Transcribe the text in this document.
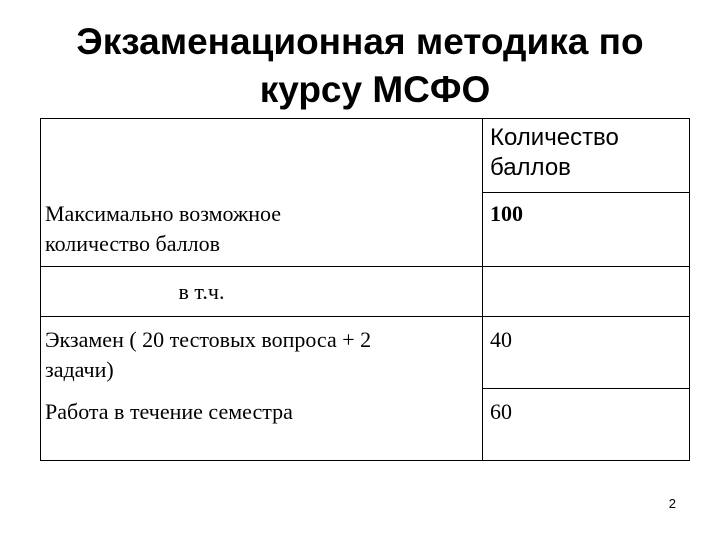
Экзаменационная методика по
курсу МСФО

	Количество
баллов

Максимально возможное
количество баллов	100

в т.ч.	

Экзамен ( 20 тестовых вопроса + 2
задачи)	40

Работа в течение семестра	60
2
